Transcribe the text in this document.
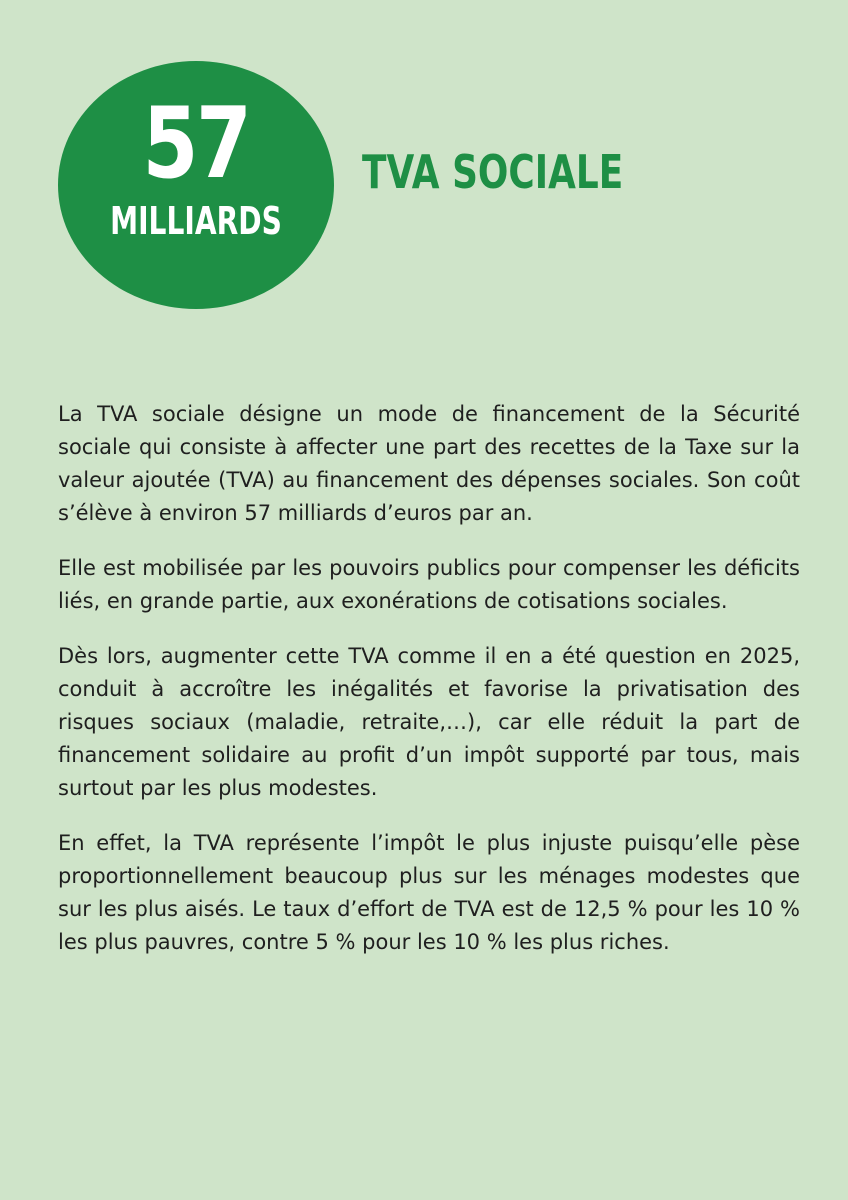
57
MILLIARDS
TVA SOCIALE

La TVA sociale désigne un mode de financement de la Sécurité sociale qui consiste à affecter une part des recettes de la Taxe sur la valeur ajoutée (TVA) au financement des dépenses sociales. Son coût s’élève à environ 57 milliards d’euros par an.

Elle est mobilisée par les pouvoirs publics pour compenser les déficits liés, en grande partie, aux exonérations de cotisations sociales.

Dès lors, augmenter cette TVA comme il en a été question en 2025, conduit à accroître les inégalités et favorise la privatisation des risques sociaux (maladie, retraite,…), car elle réduit la part de financement solidaire au profit d’un impôt supporté par tous, mais surtout par les plus modestes.

En effet, la TVA représente l’impôt le plus injuste puisqu’elle pèse proportionnellement beaucoup plus sur les ménages modestes que sur les plus aisés. Le taux d’effort de TVA est de 12,5 % pour les 10 % les plus pauvres, contre 5 % pour les 10 % les plus riches.
